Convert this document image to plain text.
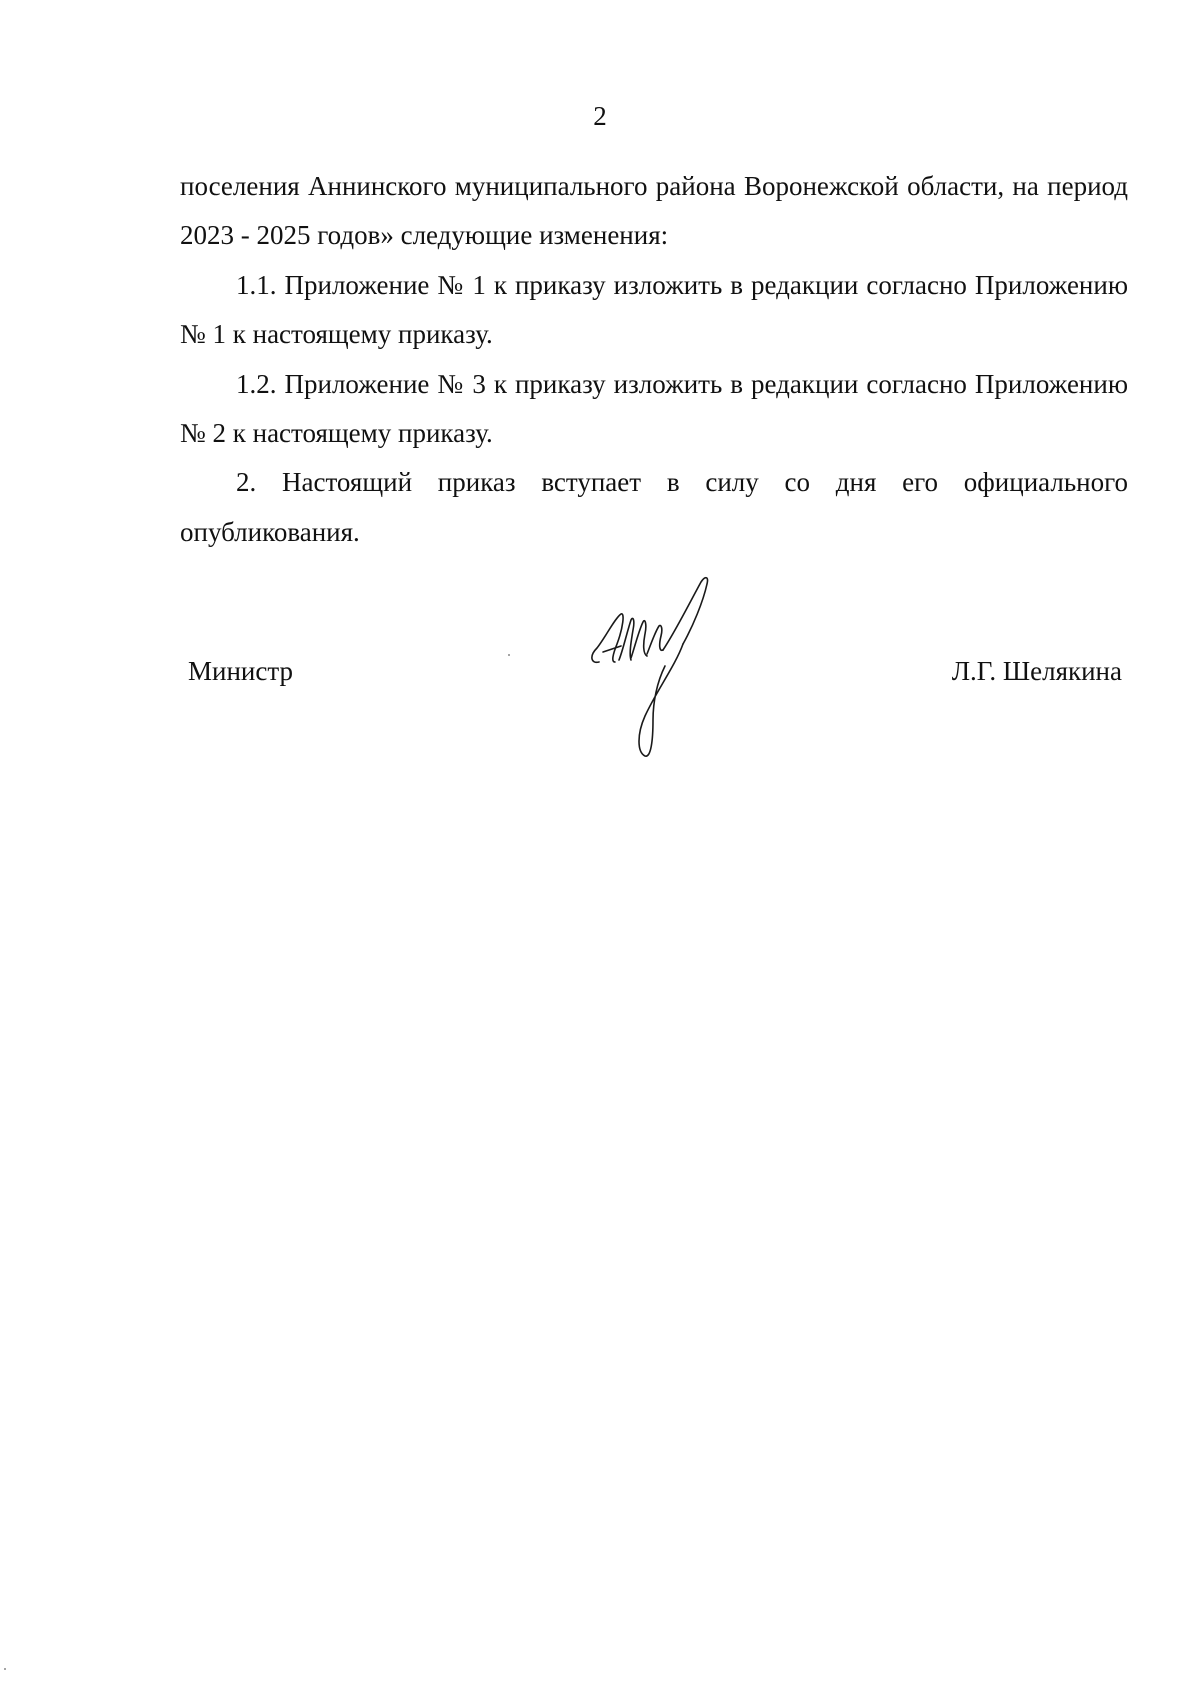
2

поселения Аннинского муниципального района Воронежской области, на период 2023 - 2025 годов» следующие изменения:

1.1. Приложение № 1 к приказу изложить в редакции согласно Приложению № 1 к настоящему приказу.

1.2. Приложение № 3 к приказу изложить в редакции согласно Приложению № 2 к настоящему приказу.

2. Настоящий приказ вступает в силу со дня его официального опубликования.

Министр	Л.Г. Шелякина
